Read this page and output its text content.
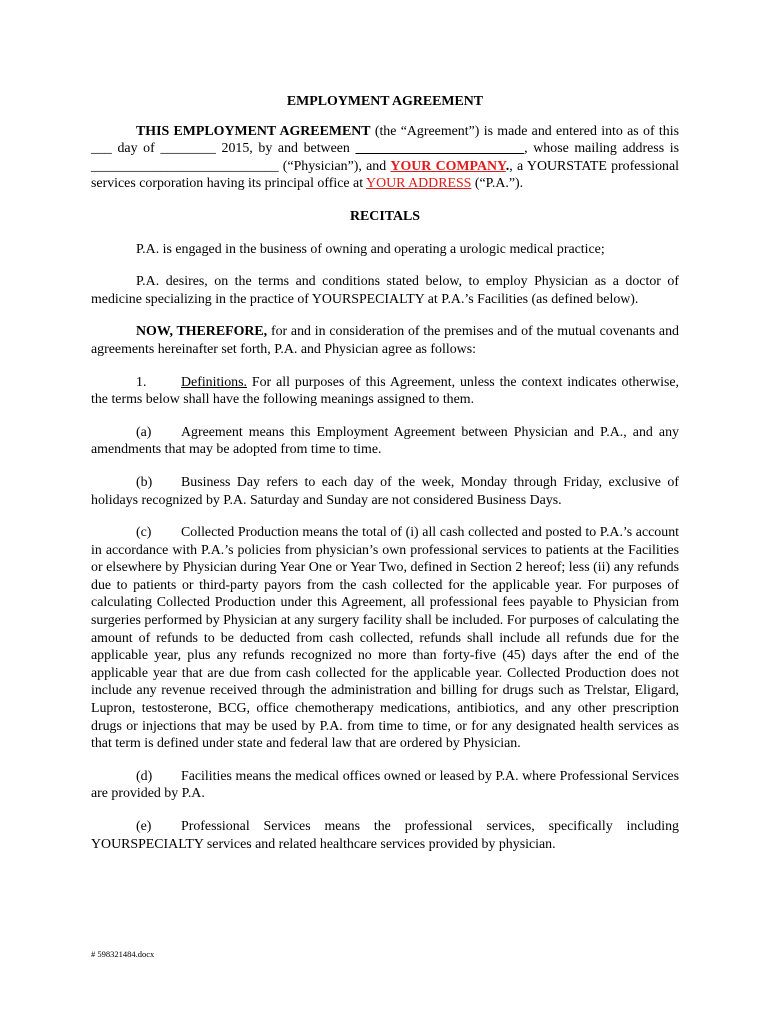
EMPLOYMENT AGREEMENT

THIS EMPLOYMENT AGREEMENT (the “Agreement”) is made and entered into as of this ___ day of ________ 2015, by and between	, whose mailing address is ___________________________ (“Physician”), and YOUR COMPANY., a YOURSTATE professional services corporation having its principal office at YOUR ADDRESS (“P.A.”).

RECITALS

P.A. is engaged in the business of owning and operating a urologic medical practice;

P.A. desires, on the terms and conditions stated below, to employ Physician as a doctor of medicine specializing in the practice of YOURSPECIALTY at P.A.’s Facilities (as defined below).

NOW, THEREFORE, for and in consideration of the premises and of the mutual covenants and agreements hereinafter set forth, P.A. and Physician agree as follows:

1. Definitions. For all purposes of this Agreement, unless the context indicates otherwise, the terms below shall have the following meanings assigned to them.

(a) Agreement means this Employment Agreement between Physician and P.A., and any amendments that may be adopted from time to time.

(b) Business Day refers to each day of the week, Monday through Friday, exclusive of holidays recognized by P.A. Saturday and Sunday are not considered Business Days.

(c) Collected Production means the total of (i) all cash collected and posted to P.A.’s account in accordance with P.A.’s policies from physician’s own professional services to patients at the Facilities or elsewhere by Physician during Year One or Year Two, defined in Section 2 hereof; less (ii) any refunds due to patients or third-party payors from the cash collected for the applicable year. For purposes of calculating Collected Production under this Agreement, all professional fees payable to Physician from surgeries performed by Physician at any surgery facility shall be included. For purposes of calculating the amount of refunds to be deducted from cash collected, refunds shall include all refunds due for the applicable year, plus any refunds recognized no more than forty-five (45) days after the end of the applicable year that are due from cash collected for the applicable year. Collected Production does not include any revenue received through the administration and billing for drugs such as Trelstar, Eligard, Lupron, testosterone, BCG, office chemotherapy medications, antibiotics, and any other prescription drugs or injections that may be used by P.A. from time to time, or for any designated health services as that term is defined under state and federal law that are ordered by Physician.

(d) Facilities means the medical offices owned or leased by P.A. where Professional Services are provided by P.A.

(e) Professional Services means the professional services, specifically including YOURSPECIALTY services and related healthcare services provided by physician.

# 598321484.docx
